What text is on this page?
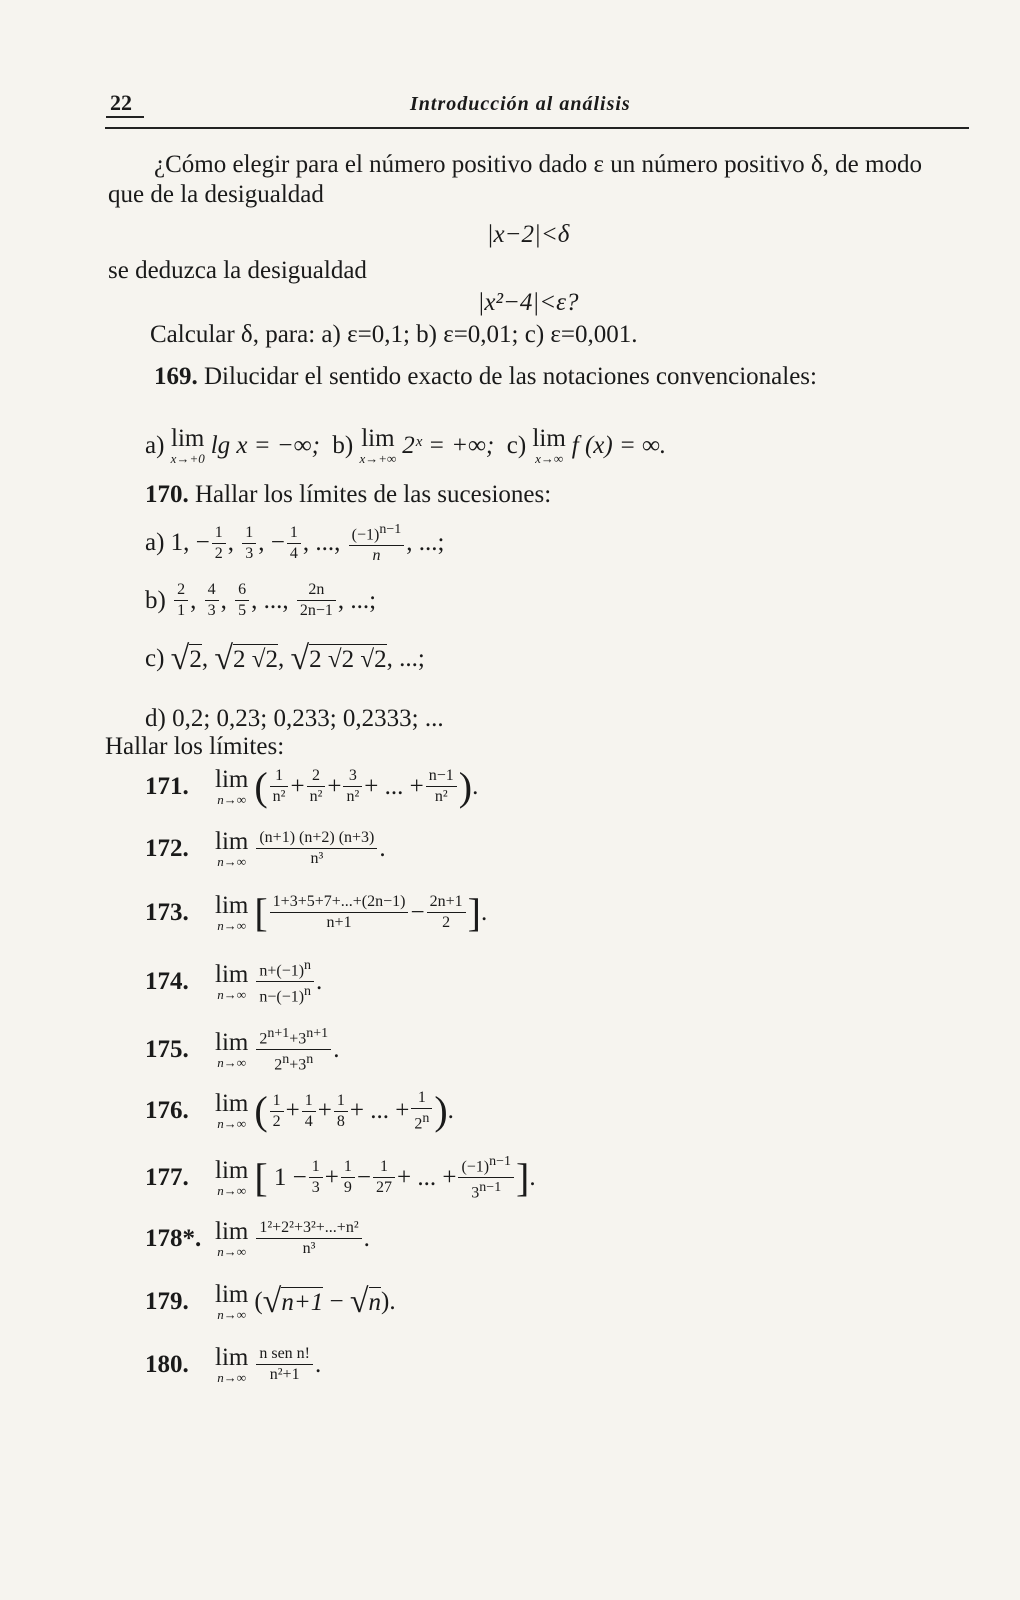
22	Introducción al análisis
¿Cómo elegir para el número positivo dado ε un número positivo δ, de modo que de la desigualdad
|x−2|<δ
se deduzca la desigualdad
|x²−4|<ε?
Calcular δ, para: a) ε=0,1; b) ε=0,01; c) ε=0,001.
169. Dilucidar el sentido exacto de las notaciones convencionales:
a)
lim
x→+0 lg x = −∞;
b)
lim
x→+∞ 2ˣ = +∞;
c)
lim
x→∞ f (x) = ∞.
170. Hallar los límites de las sucesiones:
a) 1, − $\frac{1}{2}$ , $\frac{1}{3}$ , − $\frac{1}{4}$ , ..., $\frac{(-1)^{n-1}}{n}$ , ...;
$b) \frac{2}{1}$ , $\frac{4}{3}$ , $\frac{6}{5}$ , ..., $\frac{2n}{2n-1}$ , ...;
c) √ 2 , √ 2 √2 , √ 2 √2 √2 , ...;
d) 0,2; 0,23; 0,233; 0,2333; ...
Hallar los límites:
171.	lim
n→∞ ( $\frac{1}{\text{n²}} + \frac{2}{\text{n²}} + \frac{3}{\text{n²}}$ + ... + $\frac{n-1}{\text{n²}}$ ) .
172.	lim
$n\to\infty \frac{(n+1) (n+2) (n+3)}{\text{n³}}$ .
173.	lim
n→∞ [ $\frac{1+3+5+7+...+(2n-1)}{n+1} - \frac{2n+1}{2}$ ] .
174.	lim
$n\to\infty \frac{n+(-1)^n}{n-(-1)^n}$ .
175.	lim
$n\to\infty \frac{2^{n+1}+3^{n+1}}{2^n+3^n}$ .
176.	lim
n→∞ ( $\frac{1}{2} + \frac{1}{4} + \frac{1}{8}$ + ... + $\frac{1}{2^n}$ ) .
177.	lim
n→∞ [ $1 - \frac{1}{3} + \frac{1}{9} - \frac{1}{27}$ + ... + $\frac{(-1)^{n-1}}{3^{n-1}}$ ] .
178*. lim
$n\to\infty \frac{\text{1²+2²+3²+...+n²}}{\text{n³}}$ .
179.	lim
n→∞ ( √ n+1 − √ n ).
180.	lim
$n\to\infty \frac{\text{n sen n!}}{\text{n²+1}}$ .
